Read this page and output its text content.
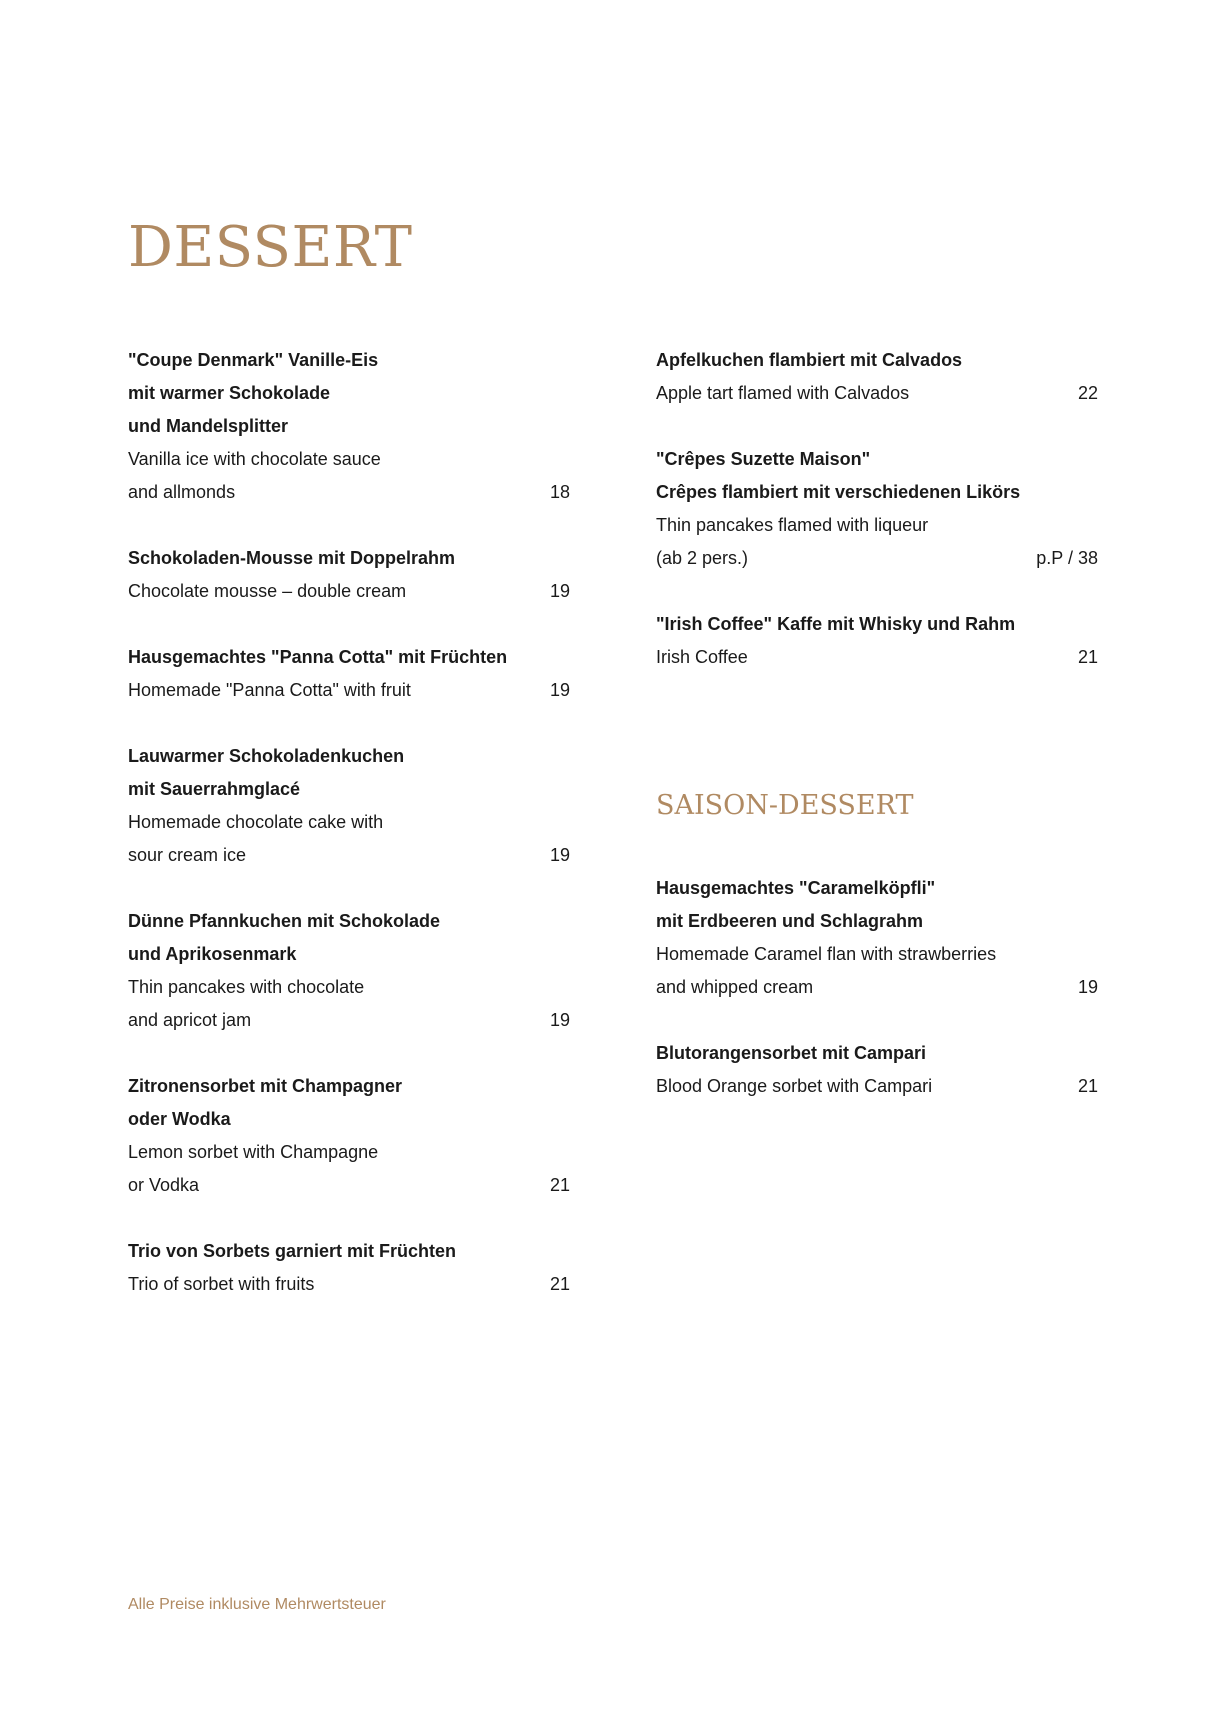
DESSERT
"Coupe Denmark" Vanille-Eis
mit warmer Schokolade
und Mandelsplitter
Vanilla ice with chocolate sauce
and allmonds	18
Schokoladen-Mousse mit Doppelrahm
Chocolate mousse – double cream	19
Hausgemachtes "Panna Cotta" mit Früchten
Homemade "Panna Cotta" with fruit	19
Lauwarmer Schokoladenkuchen
mit Sauerrahmglacé
Homemade chocolate cake with
sour cream ice	19
Dünne Pfannkuchen mit Schokolade
und Aprikosenmark
Thin pancakes with chocolate
and apricot jam	19
Zitronensorbet mit Champagner
oder Wodka
Lemon sorbet with Champagne
or Vodka	21
Trio von Sorbets garniert mit Früchten
Trio of sorbet with fruits	21
Apfelkuchen flambiert mit Calvados
Apple tart flamed with Calvados	22
"Crêpes Suzette Maison"
Crêpes flambiert mit verschiedenen Likörs
Thin pancakes flamed with liqueur
(ab 2 pers.)	p.P / 38
"Irish Coffee" Kaffe mit Whisky und Rahm
Irish Coffee	21
SAISON-DESSERT
Hausgemachtes "Caramelköpfli"
mit Erdbeeren und Schlagrahm
Homemade Caramel flan with strawberries
and whipped cream	19
Blutorangensorbet mit Campari
Blood Orange sorbet with Campari	21
Alle Preise inklusive Mehrwertsteuer
